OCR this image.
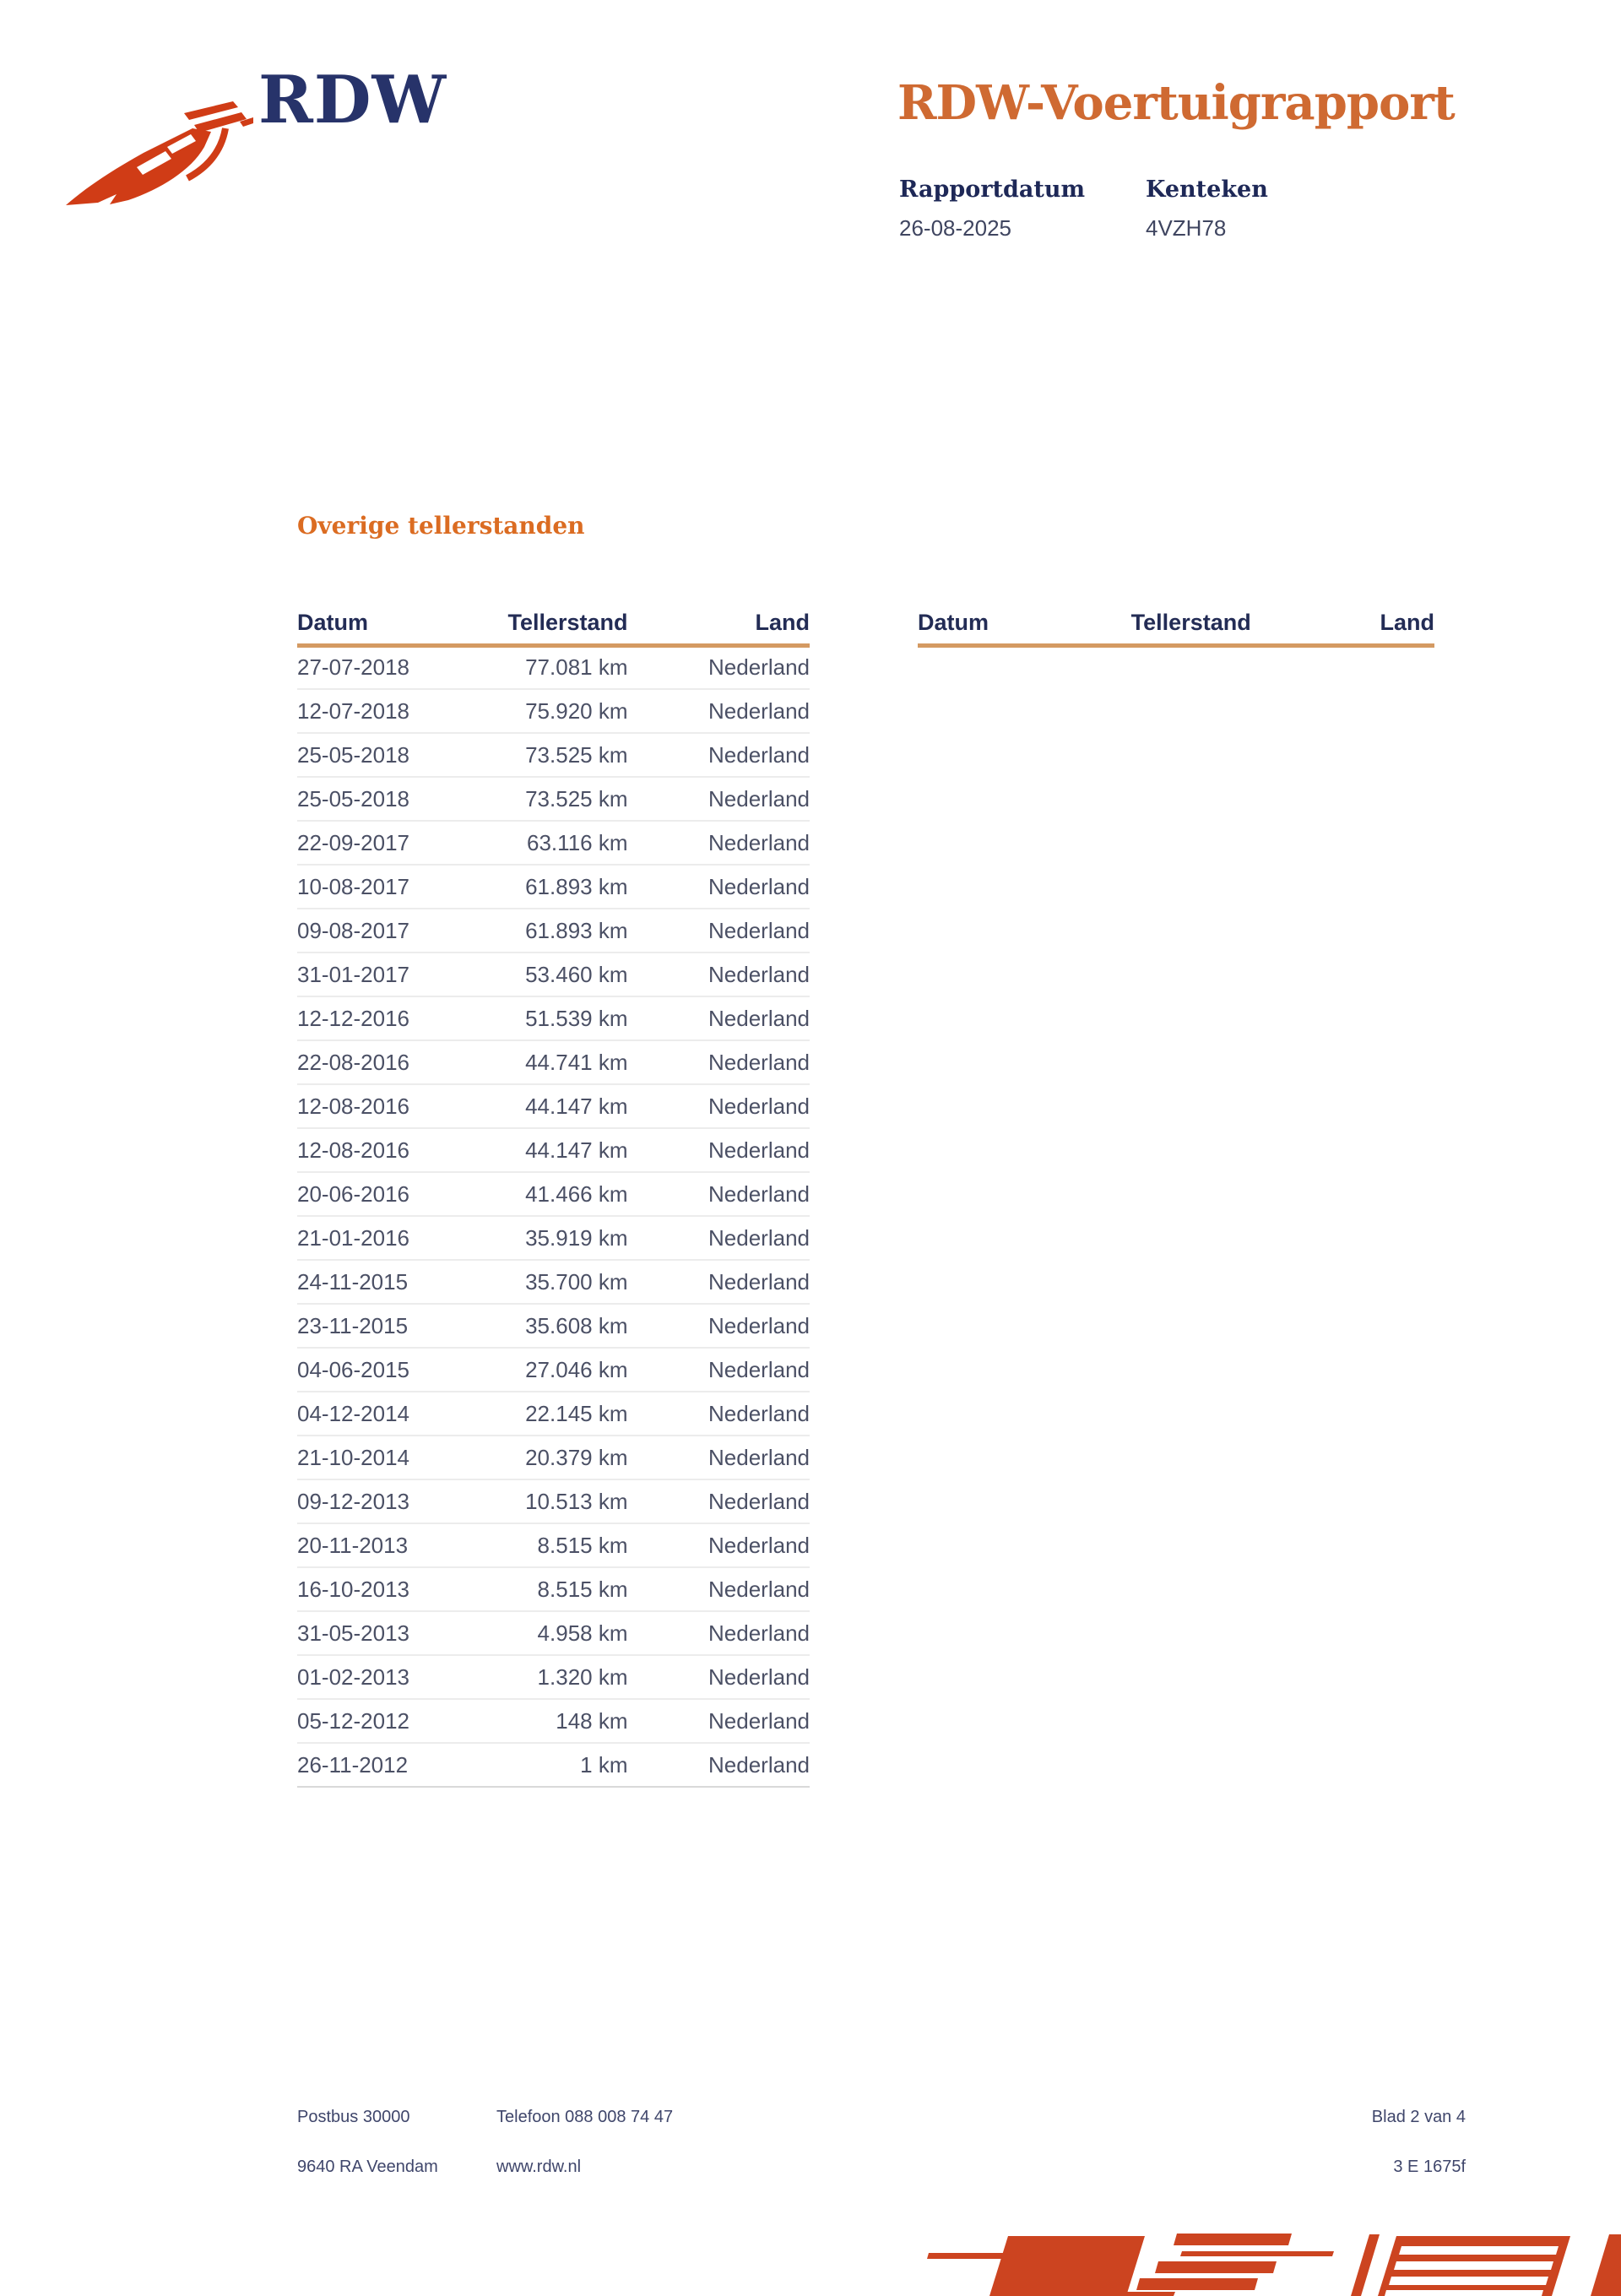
RDW	RDW-Voertuigrapport
Rapportdatum
26-08-2025
Kenteken
4VZH78
Overige tellerstanden
Datum	Tellerstand	Land
27-07-2018	77.081 km	Nederland
12-07-2018	75.920 km	Nederland
25-05-2018	73.525 km	Nederland
25-05-2018	73.525 km	Nederland
22-09-2017	63.116 km	Nederland
10-08-2017	61.893 km	Nederland
09-08-2017	61.893 km	Nederland
31-01-2017	53.460 km	Nederland
12-12-2016	51.539 km	Nederland
22-08-2016	44.741 km	Nederland
12-08-2016	44.147 km	Nederland
12-08-2016	44.147 km	Nederland
20-06-2016	41.466 km	Nederland
21-01-2016	35.919 km	Nederland
24-11-2015	35.700 km	Nederland
23-11-2015	35.608 km	Nederland
04-06-2015	27.046 km	Nederland
04-12-2014	22.145 km	Nederland
21-10-2014	20.379 km	Nederland
09-12-2013	10.513 km	Nederland
20-11-2013	8.515 km	Nederland
16-10-2013	8.515 km	Nederland
31-05-2013	4.958 km	Nederland
01-02-2013	1.320 km	Nederland
05-12-2012	148 km	Nederland
26-11-2012	1 km	Nederland
Datum	Tellerstand	Land
Postbus 30000
9640 RA Veendam
Telefoon 088 008 74 47
www.rdw.nl
Blad 2 van 4
3 E 1675f
